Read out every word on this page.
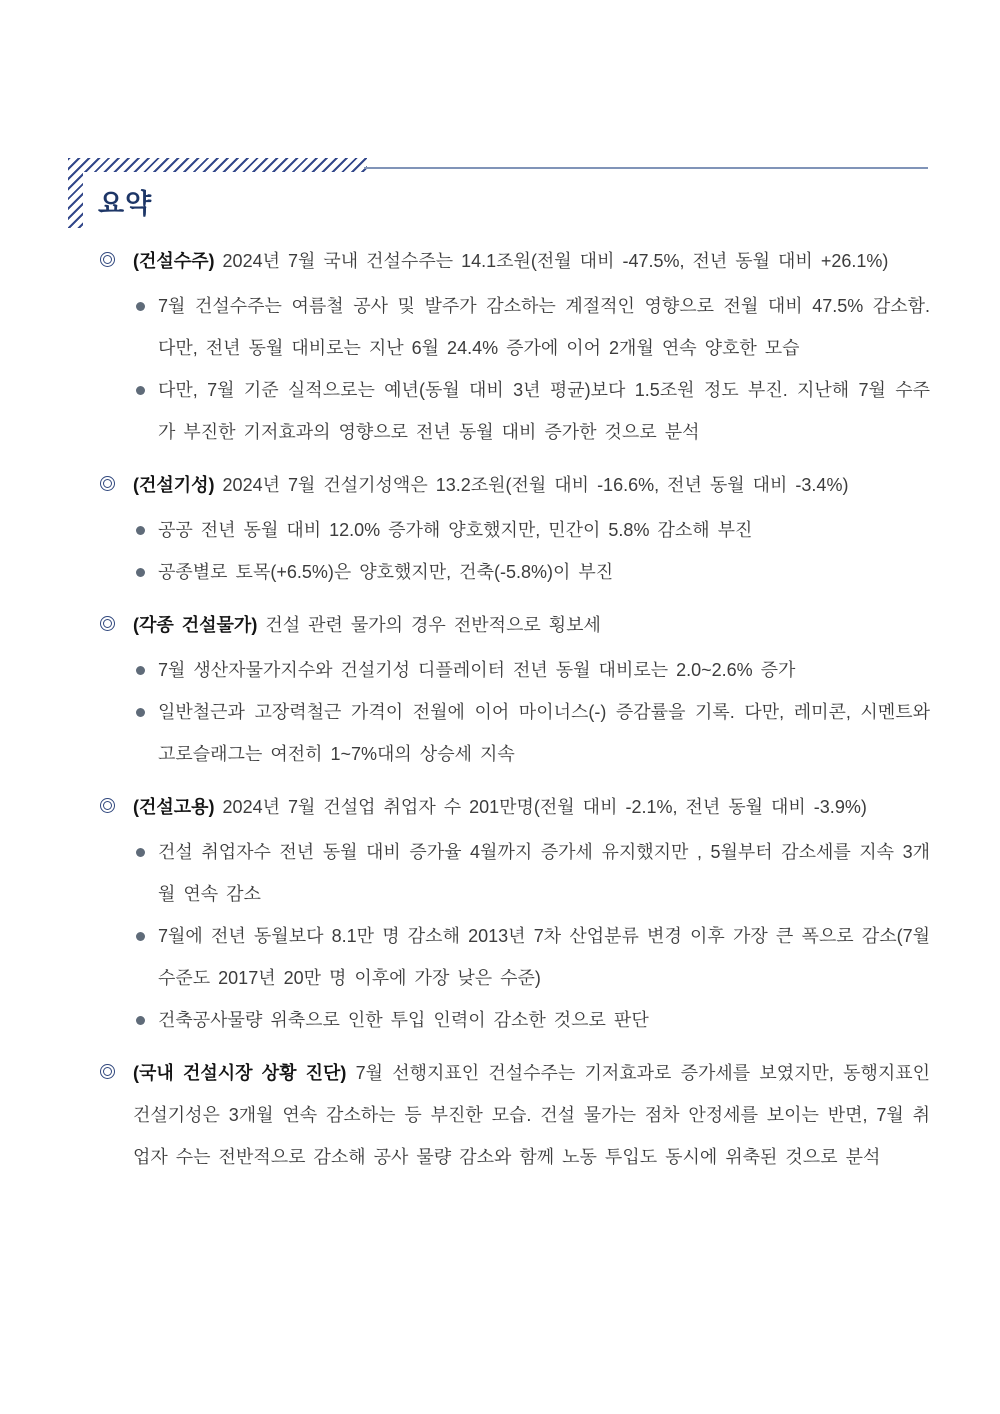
요약

(건설수주) 2024년 7월 국내 건설수주는 14.1조원(전월 대비 -47.5%, 전년 동월 대비 +26.1%)

7월 건설수주는 여름철 공사 및 발주가 감소하는 계절적인 영향으로 전월 대비 47.5% 감소함. 다만, 전년 동월 대비로는 지난 6월 24.4% 증가에 이어 2개월 연속 양호한 모습

다만, 7월 기준 실적으로는 예년(동월 대비 3년 평균)보다 1.5조원 정도 부진. 지난해 7월 수주가 부진한 기저효과의 영향으로 전년 동월 대비 증가한 것으로 분석

(건설기성) 2024년 7월 건설기성액은 13.2조원(전월 대비 -16.6%, 전년 동월 대비 -3.4%)

공공 전년 동월 대비 12.0% 증가해 양호했지만, 민간이 5.8% 감소해 부진

공종별로 토목(+6.5%)은 양호했지만, 건축(-5.8%)이 부진

(각종 건설물가) 건설 관련 물가의 경우 전반적으로 횡보세

7월 생산자물가지수와 건설기성 디플레이터 전년 동월 대비로는 2.0~2.6% 증가

일반철근과 고장력철근 가격이 전월에 이어 마이너스(-) 증감률을 기록. 다만, 레미콘, 시멘트와 고로슬래그는 여전히 1~7%대의 상승세 지속

(건설고용) 2024년 7월 건설업 취업자 수 201만명(전월 대비 -2.1%, 전년 동월 대비 -3.9%)

건설 취업자수 전년 동월 대비 증가율 4월까지 증가세 유지했지만 , 5월부터 감소세를 지속 3개월 연속 감소

7월에 전년 동월보다 8.1만 명 감소해 2013년 7차 산업분류 변경 이후 가장 큰 폭으로 감소(7월 수준도 2017년 20만 명 이후에 가장 낮은 수준)

건축공사물량 위축으로 인한 투입 인력이 감소한 것으로 판단

(국내 건설시장 상황 진단) 7월 선행지표인 건설수주는 기저효과로 증가세를 보였지만, 동행지표인 건설기성은 3개월 연속 감소하는 등 부진한 모습. 건설 물가는 점차 안정세를 보이는 반면, 7월 취업자 수는 전반적으로 감소해 공사 물량 감소와 함께 노동 투입도 동시에 위축된 것으로 분석
